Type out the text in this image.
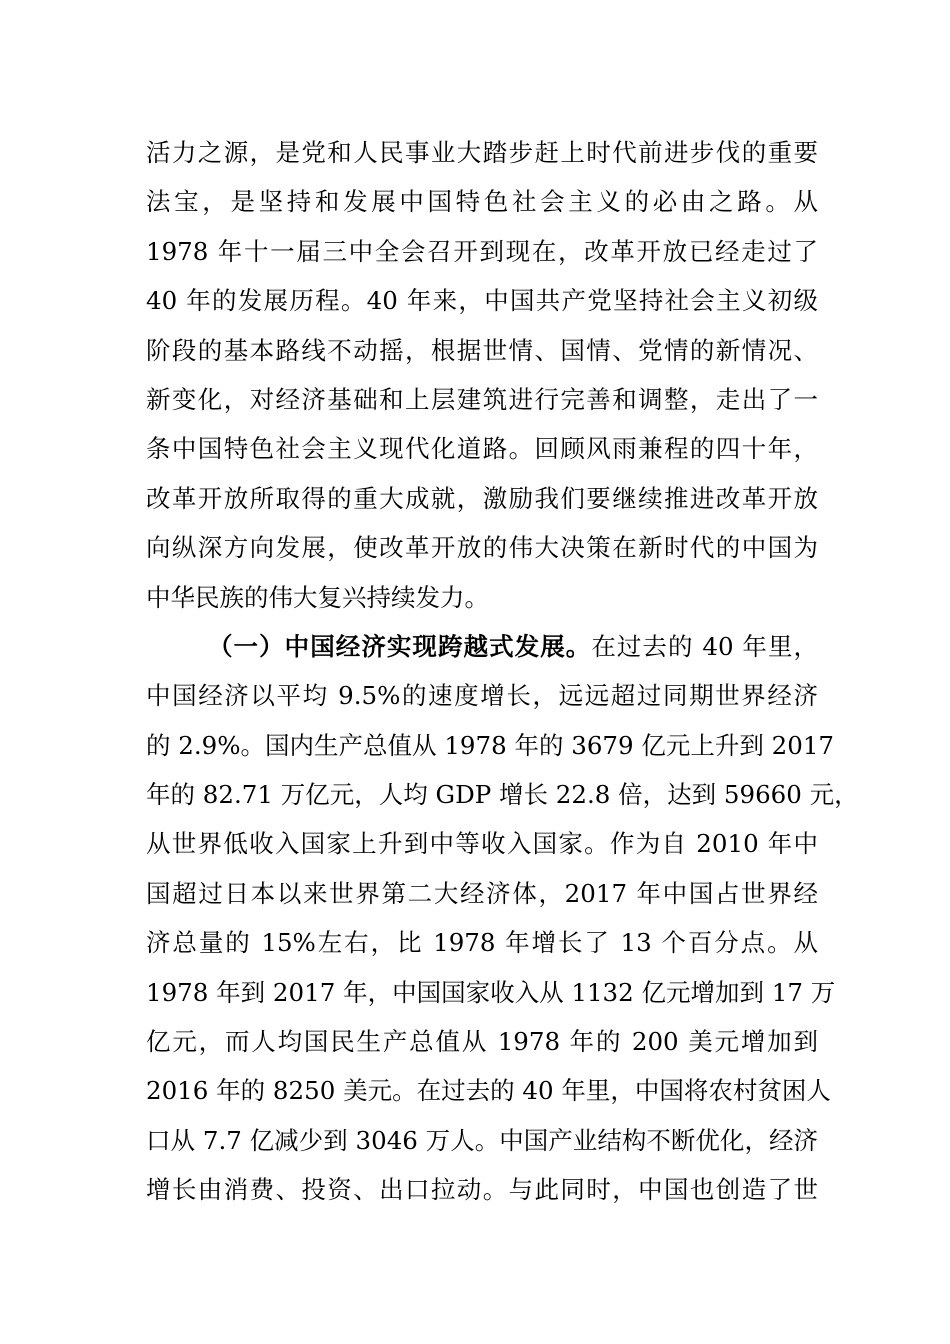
活力之源，是党和人民事业大踏步赶上时代前进步伐的重要
法宝，是坚持和发展中国特色社会主义的必由之路。从
1978 年十一届三中全会召开到现在，改革开放已经走过了
40 年的发展历程。40 年来，中国共产党坚持社会主义初级
阶段的基本路线不动摇，根据世情、国情、党情的新情况、
新变化，对经济基础和上层建筑进行完善和调整，走出了一
条中国特色社会主义现代化道路。回顾风雨兼程的四十年，
改革开放所取得的重大成就，激励我们要继续推进改革开放
向纵深方向发展，使改革开放的伟大决策在新时代的中国为
中华民族的伟大复兴持续发力。
（一）中国经济实现跨越式发展。在过去的 40 年里，
中国经济以平均 9.5%的速度增长，远远超过同期世界经济
的 2.9%。国内生产总值从 1978 年的 3679 亿元上升到 2017
年的 82.71 万亿元，人均 GDP 增长 22.8 倍，达到 59660 元，
从世界低收入国家上升到中等收入国家。作为自 2010 年中
国超过日本以来世界第二大经济体，2017 年中国占世界经
济总量的 15%左右，比 1978 年增长了 13 个百分点。从
1978 年到 2017 年，中国国家收入从 1132 亿元增加到 17 万
亿元，而人均国民生产总值从 1978 年的 200 美元增加到
2016 年的 8250 美元。在过去的 40 年里，中国将农村贫困人
口从 7.7 亿减少到 3046 万人。中国产业结构不断优化，经济
增长由消费、投资、出口拉动。与此同时，中国也创造了世
